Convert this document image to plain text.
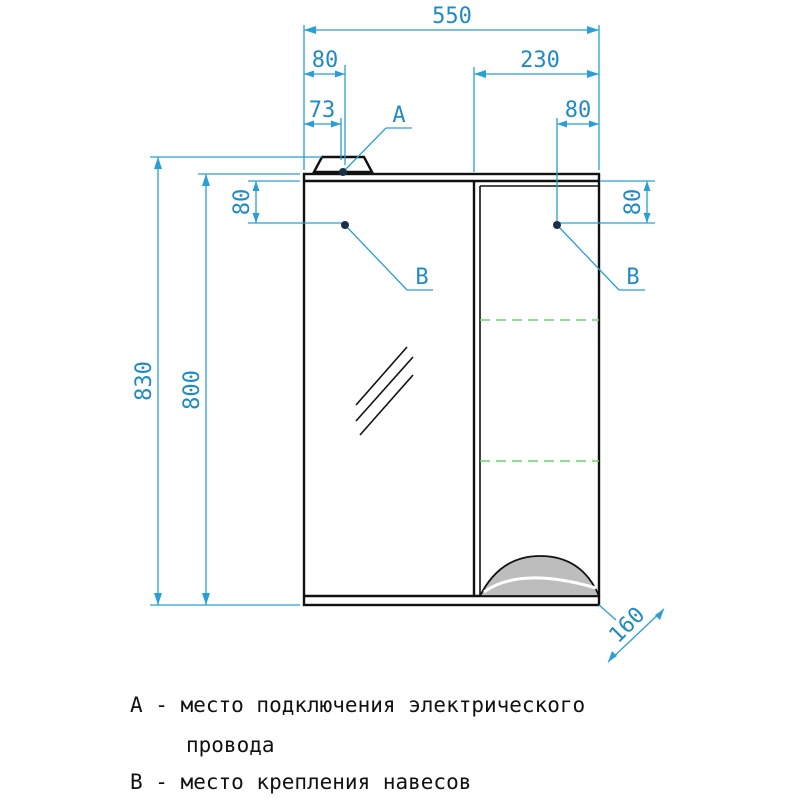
550
80
73
230
80
830 800
80	80
160
A
B	B
А - место подключения электрического
провода
В - место крепления навесов
